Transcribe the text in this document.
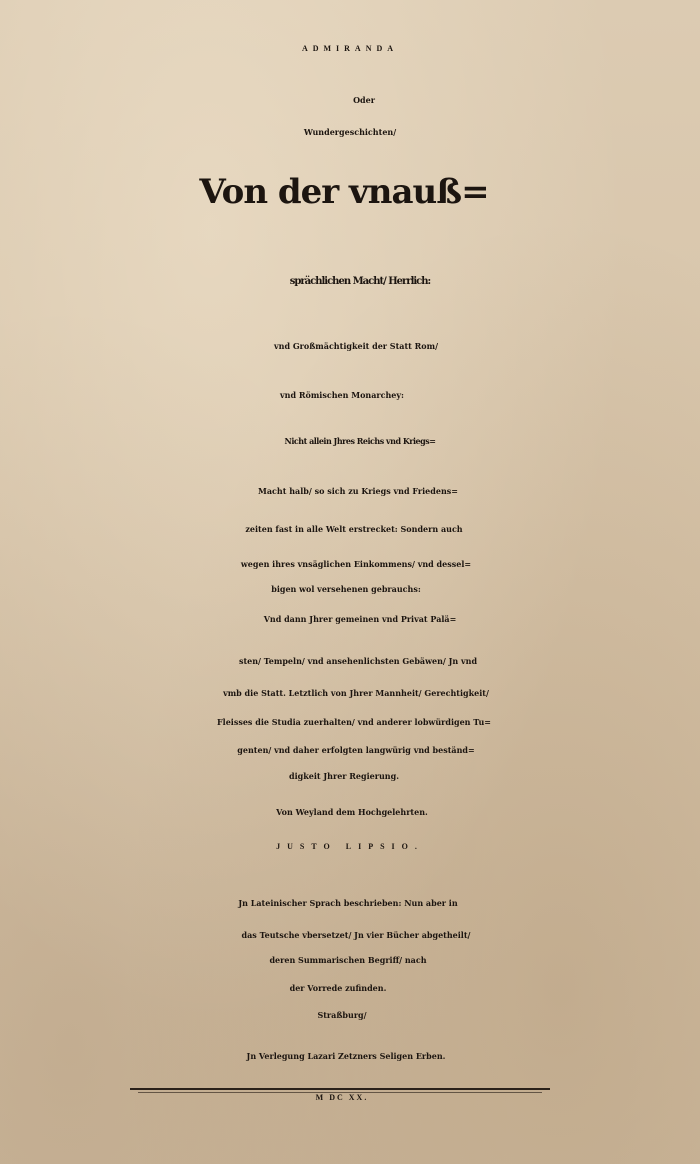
ADMIRANDA
Oder
Wundergeschichten/
Von der vnauß=
sprächlichen Macht/ Herrlich:
vnd Großmächtigkeit der Statt Rom/
vnd Römischen Monarchey:
Nicht allein Jhres Reichs vnd Kriegs=
Macht halb/ so sich zu Kriegs vnd Friedens=
zeiten fast in alle Welt erstrecket: Sondern auch
wegen ihres vnsäglichen Einkommens/ vnd dessel=
bigen wol versehenen gebrauchs:
Vnd dann Jhrer gemeinen vnd Privat Palä=
sten/ Tempeln/ vnd ansehenlichsten Gebäwen/ Jn vnd
vmb die Statt. Letztlich von Jhrer Mannheit/ Gerechtigkeit/
Fleisses die Studia zuerhalten/ vnd anderer lobwürdigen Tu=
genten/ vnd daher erfolgten langwürig vnd beständ=
digkeit Jhrer Regierung.
Von Weyland dem Hochgelehrten.
JUSTO LIPSIO.
Jn Lateinischer Sprach beschrieben: Nun aber in
das Teutsche vbersetzet/ Jn vier Bücher abgetheilt/
deren Summarischen Begriff/ nach
der Vorrede zufinden.
Straßburg/
Jn Verlegung Lazari Zetzners Seligen Erben.
M DC XX.
